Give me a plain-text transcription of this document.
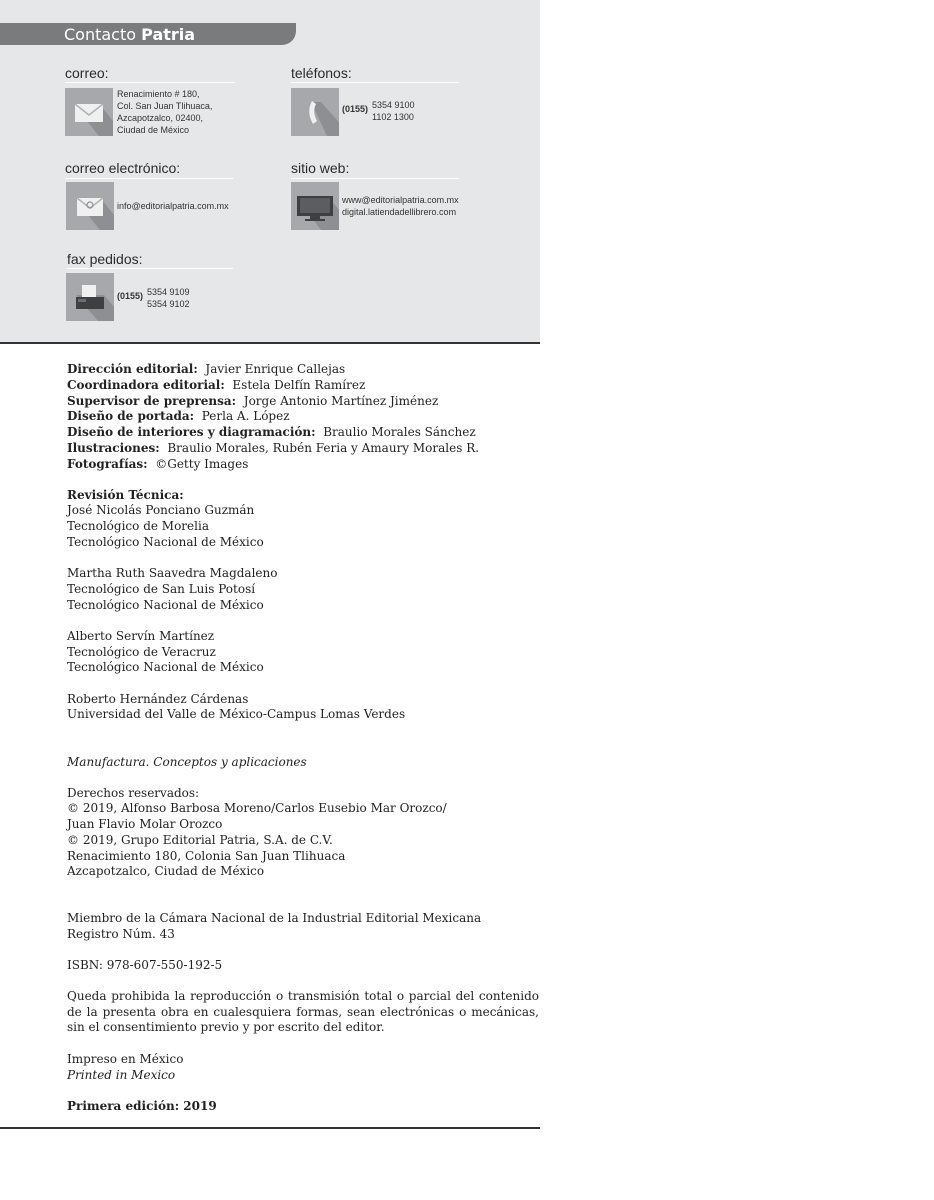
Contacto Patria
correo:
Renacimiento # 180,
Col. San Juan Tlihuaca,
Azcapotzalco, 02400,
Ciudad de México
teléfonos:
(0155) 5354 9100
1102 1300
correo electrónico:
info@editorialpatria.com.mx
sitio web:
www@editorialpatria.com.mx
digital.latiendadellibrero.com
fax pedidos:
(0155) 5354 9109
5354 9102
Dirección editorial: Javier Enrique Callejas
Coordinadora editorial: Estela Delfín Ramírez
Supervisor de preprensa: Jorge Antonio Martínez Jiménez
Diseño de portada: Perla A. López
Diseño de interiores y diagramación: Braulio Morales Sánchez
Ilustraciones: Braulio Morales, Rubén Feria y Amaury Morales R.
Fotografías: ©Getty Images
Revisión Técnica:
José Nicolás Ponciano Guzmán
Tecnológico de Morelia
Tecnológico Nacional de México
Martha Ruth Saavedra Magdaleno
Tecnológico de San Luis Potosí
Tecnológico Nacional de México
Alberto Servín Martínez
Tecnológico de Veracruz
Tecnológico Nacional de México
Roberto Hernández Cárdenas
Universidad del Valle de México-Campus Lomas Verdes
Manufactura. Conceptos y aplicaciones
Derechos reservados:
© 2019, Alfonso Barbosa Moreno/Carlos Eusebio Mar Orozco/
Juan Flavio Molar Orozco
© 2019, Grupo Editorial Patria, S.A. de C.V.
Renacimiento 180, Colonia San Juan Tlihuaca
Azcapotzalco, Ciudad de México
Miembro de la Cámara Nacional de la Industrial Editorial Mexicana
Registro Núm. 43
ISBN: 978-607-550-192-5
Queda prohibida la reproducción o transmisión total o parcial del contenido de la presenta obra en cualesquiera formas, sean electrónicas o mecánicas, sin el consentimiento previo y por escrito del editor.
Impreso en México
Printed in Mexico
Primera edición: 2019
